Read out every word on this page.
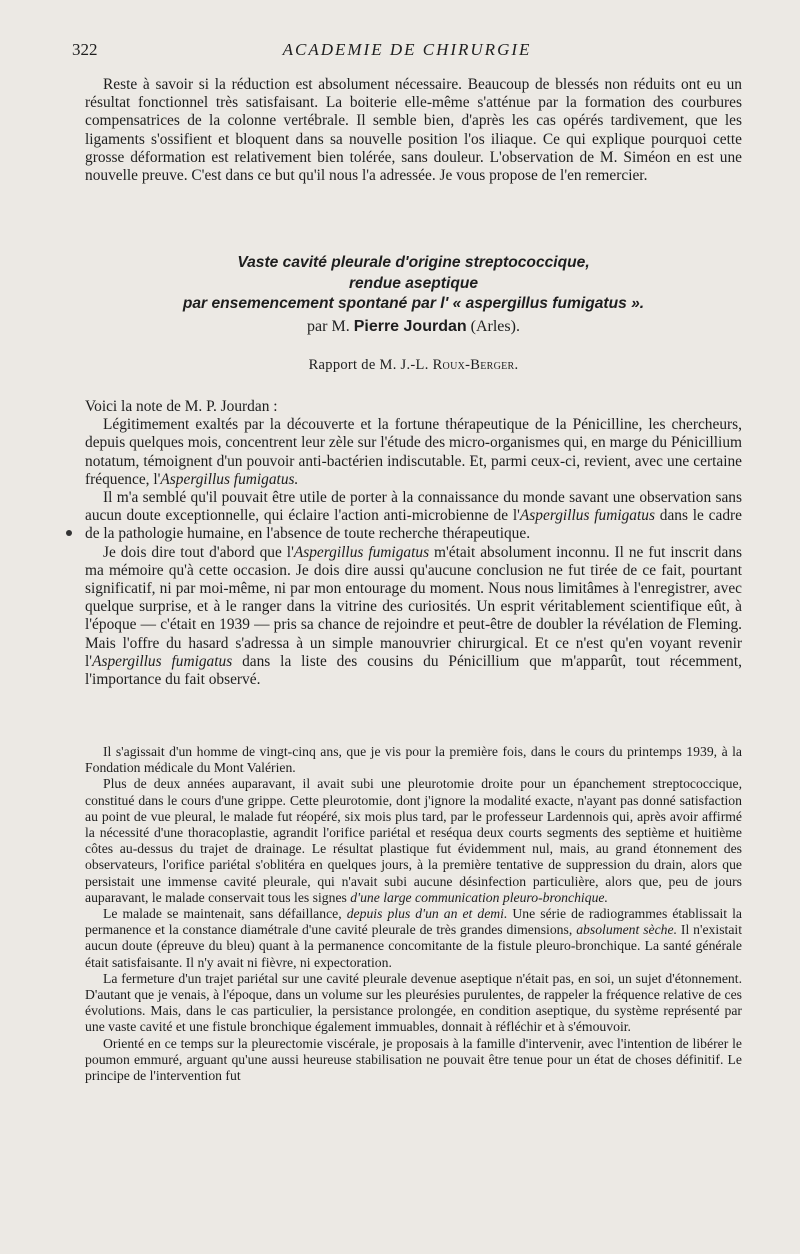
322	ACADEMIE DE CHIRURGIE

Reste à savoir si la réduction est absolument nécessaire. Beaucoup de blessés non réduits ont eu un résultat fonctionnel très satisfaisant. La boiterie elle-même s'atténue par la formation des courbures compensatrices de la colonne vertébrale. Il semble bien, d'après les cas opérés tardivement, que les ligaments s'ossifient et bloquent dans sa nouvelle position l'os iliaque. Ce qui explique pourquoi cette grosse déformation est relativement bien tolérée, sans douleur. L'observation de M. Siméon en est une nouvelle preuve. C'est dans ce but qu'il nous l'a adressée. Je vous propose de l'en remercier.

Vaste cavité pleurale d'origine streptococcique,
rendue aseptique
par ensemencement spontané par l' « aspergillus fumigatus ».
par M. Pierre Jourdan (Arles).
Rapport de M. J.-L. Roux-Berger.

Voici la note de M. P. Jourdan :

Légitimement exaltés par la découverte et la fortune thérapeutique de la Pénicilline, les chercheurs, depuis quelques mois, concentrent leur zèle sur l'étude des micro-organismes qui, en marge du Pénicillium notatum, témoignent d'un pouvoir anti-bactérien indiscutable. Et, parmi ceux-ci, revient, avec une certaine fréquence, l'Aspergillus fumigatus.

Il m'a semblé qu'il pouvait être utile de porter à la connaissance du monde savant une observation sans aucun doute exceptionnelle, qui éclaire l'action anti-microbienne de l'Aspergillus fumigatus dans le cadre de la pathologie humaine, en l'absence de toute recherche thérapeutique.

Je dois dire tout d'abord que l'Aspergillus fumigatus m'était absolument inconnu. Il ne fut inscrit dans ma mémoire qu'à cette occasion. Je dois dire aussi qu'aucune conclusion ne fut tirée de ce fait, pourtant significatif, ni par moi-même, ni par mon entourage du moment. Nous nous limitâmes à l'enregistrer, avec quelque surprise, et à le ranger dans la vitrine des curiosités. Un esprit véritablement scientifique eût, à l'époque — c'était en 1939 — pris sa chance de rejoindre et peut-être de doubler la révélation de Fleming. Mais l'offre du hasard s'adressa à un simple manouvrier chirurgical. Et ce n'est qu'en voyant revenir l'Aspergillus fumigatus dans la liste des cousins du Pénicillium que m'apparût, tout récemment, l'importance du fait observé.

Il s'agissait d'un homme de vingt-cinq ans, que je vis pour la première fois, dans le cours du printemps 1939, à la Fondation médicale du Mont Valérien.

Plus de deux années auparavant, il avait subi une pleurotomie droite pour un épanchement streptococcique, constitué dans le cours d'une grippe. Cette pleurotomie, dont j'ignore la modalité exacte, n'ayant pas donné satisfaction au point de vue pleural, le malade fut réopéré, six mois plus tard, par le professeur Lardennois qui, après avoir affirmé la nécessité d'une thoracoplastie, agrandit l'orifice pariétal et reséqua deux courts segments des septième et huitième côtes au-dessus du trajet de drainage. Le résultat plastique fut évidemment nul, mais, au grand étonnement des observateurs, l'orifice pariétal s'oblitéra en quelques jours, à la première tentative de suppression du drain, alors que persistait une immense cavité pleurale, qui n'avait subi aucune désinfection particulière, alors que, peu de jours auparavant, le malade conservait tous les signes d'une large communication pleuro-bronchique.

Le malade se maintenait, sans défaillance, depuis plus d'un an et demi. Une série de radiogrammes établissait la permanence et la constance diamétrale d'une cavité pleurale de très grandes dimensions, absolument sèche. Il n'existait aucun doute (épreuve du bleu) quant à la permanence concomitante de la fistule pleuro-bronchique. La santé générale était satisfaisante. Il n'y avait ni fièvre, ni expectoration.

La fermeture d'un trajet pariétal sur une cavité pleurale devenue aseptique n'était pas, en soi, un sujet d'étonnement. D'autant que je venais, à l'époque, dans un volume sur les pleurésies purulentes, de rappeler la fréquence relative de ces évolutions. Mais, dans le cas particulier, la persistance prolongée, en condition aseptique, du système représenté par une vaste cavité et une fistule bronchique également immuables, donnait à réfléchir et à s'émouvoir.

Orienté en ce temps sur la pleurectomie viscérale, je proposais à la famille d'intervenir, avec l'intention de libérer le poumon emmuré, arguant qu'une aussi heureuse stabilisation ne pouvait être tenue pour un état de choses définitif. Le principe de l'intervention fut
